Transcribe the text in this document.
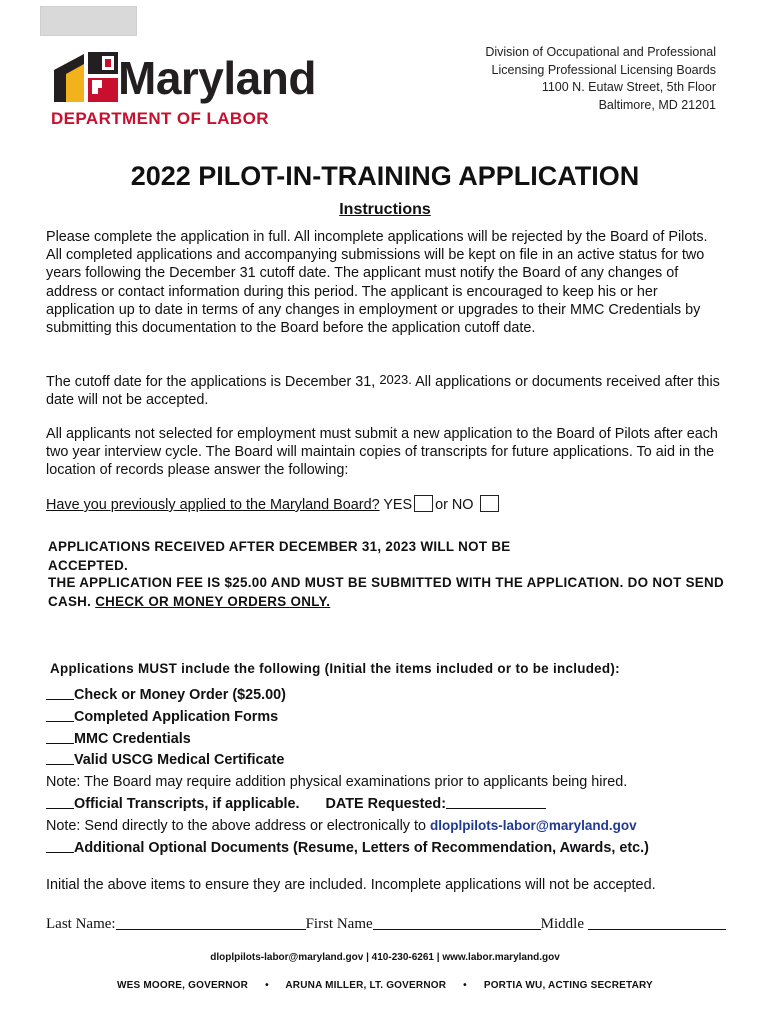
Maryland
DEPARTMENT OF LABOR
Division of Occupational and Professional
Licensing Professional Licensing Boards
1100 N. Eutaw Street, 5th Floor
Baltimore, MD 21201
2022 PILOT-IN-TRAINING APPLICATION
Instructions
Please complete the application in full. All incomplete applications will be rejected by the Board of Pilots. All completed applications and accompanying submissions will be kept on file in an active status for two years following the December 31 cutoff date. The applicant must notify the Board of any changes of address or contact information during this period. The applicant is encouraged to keep his or her application up to date in terms of any changes in employment or upgrades to their MMC Credentials by submitting this documentation to the Board before the application cutoff date.
The cutoff date for the applications is December 31, 2023. All applications or documents received after this date will not be accepted.
All applicants not selected for employment must submit a new application to the Board of Pilots after each two year interview cycle. The Board will maintain copies of transcripts for future applications. To aid in the location of records please answer the following:
Have you previously applied to the Maryland Board? YES or NO
APPLICATIONS RECEIVED AFTER DECEMBER 31, 2023 WILL NOT BE ACCEPTED.
THE APPLICATION FEE IS $25.00 AND MUST BE SUBMITTED WITH THE APPLICATION. DO NOT SEND CASH. CHECK OR MONEY ORDERS ONLY.
Applications MUST include the following (Initial the items included or to be included):
Check or Money Order ($25.00)
Completed Application Forms
MMC Credentials
Valid USCG Medical Certificate
Note: The Board may require addition physical examinations prior to applicants being hired.
Official Transcripts, if applicable. DATE Requested:
Note: Send directly to the above address or electronically to dloplpilots-labor@maryland.gov
Additional Optional Documents (Resume, Letters of Recommendation, Awards, etc.)
Initial the above items to ensure they are included. Incomplete applications will not be accepted.
Last Name:	First Name	Middle
dloplpilots-labor@maryland.gov | 410-230-6261 | www.labor.maryland.gov
WES MOORE, GOVERNOR • ARUNA MILLER, LT. GOVERNOR • PORTIA WU, ACTING SECRETARY
